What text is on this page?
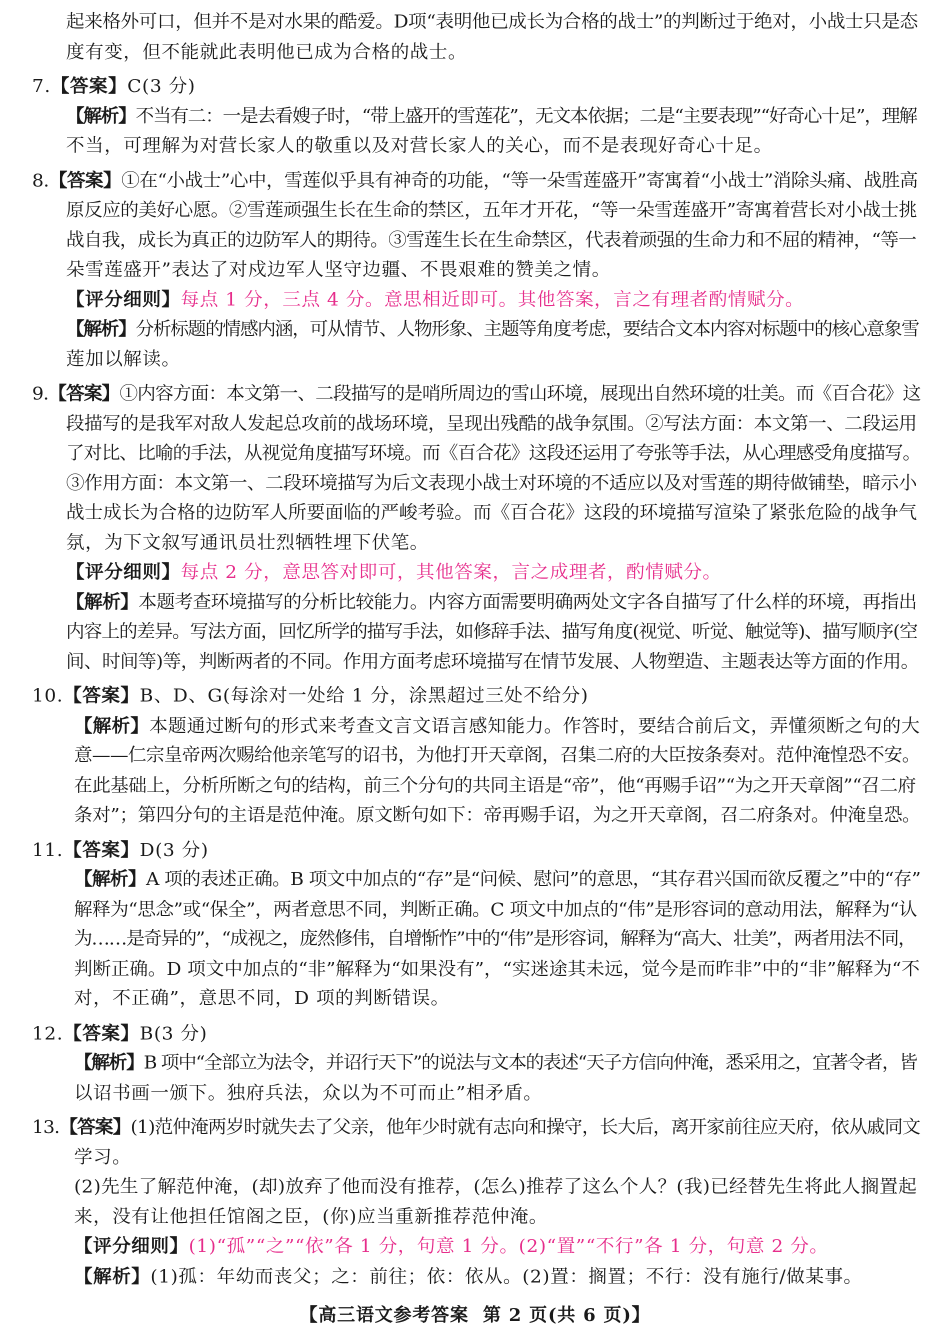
起来格外可口，但并不是对水果的酷爱。D项“表明他已成长为合格的战士”的判断过于绝对，小战士只是态

度有变，但不能就此表明他已成为合格的战士。

7.【答案】C(3 分)

【解析】不当有二：一是去看嫂子时，“带上盛开的雪莲花”，无文本依据；二是“主要表现”“好奇心十足”，理解

不当，可理解为对营长家人的敬重以及对营长家人的关心，而不是表现好奇心十足。

8.【答案】①在“小战士”心中，雪莲似乎具有神奇的功能，“等一朵雪莲盛开”寄寓着“小战士”消除头痛、战胜高

原反应的美好心愿。②雪莲顽强生长在生命的禁区，五年才开花，“等一朵雪莲盛开”寄寓着营长对小战士挑

战自我，成长为真正的边防军人的期待。③雪莲生长在生命禁区，代表着顽强的生命力和不屈的精神，“等一

朵雪莲盛开”表达了对戍边军人坚守边疆、不畏艰难的赞美之情。

【评分细则】每点 1 分，三点 4 分。意思相近即可。其他答案，言之有理者酌情赋分。

【解析】分析标题的情感内涵，可从情节、人物形象、主题等角度考虑，要结合文本内容对标题中的核心意象雪

莲加以解读。

9.【答案】①内容方面：本文第一、二段描写的是哨所周边的雪山环境，展现出自然环境的壮美。而《百合花》这

段描写的是我军对敌人发起总攻前的战场环境，呈现出残酷的战争氛围。②写法方面：本文第一、二段运用

了对比、比喻的手法，从视觉角度描写环境。而《百合花》这段还运用了夸张等手法，从心理感受角度描写。

③作用方面：本文第一、二段环境描写为后文表现小战士对环境的不适应以及对雪莲的期待做铺垫，暗示小

战士成长为合格的边防军人所要面临的严峻考验。而《百合花》这段的环境描写渲染了紧张危险的战争气

氛，为下文叙写通讯员壮烈牺牲埋下伏笔。

【评分细则】每点 2 分，意思答对即可，其他答案，言之成理者，酌情赋分。

【解析】本题考查环境描写的分析比较能力。内容方面需要明确两处文字各自描写了什么样的环境，再指出

内容上的差异。写法方面，回忆所学的描写手法，如修辞手法、描写角度(视觉、听觉、触觉等)、描写顺序(空

间、时间等)等，判断两者的不同。作用方面考虑环境描写在情节发展、人物塑造、主题表达等方面的作用。

10.【答案】B、D、G(每涂对一处给 1 分，涂黑超过三处不给分)

【解析】本题通过断句的形式来考查文言文语言感知能力。作答时，要结合前后文，弄懂须断之句的大

意——仁宗皇帝两次赐给他亲笔写的诏书，为他打开天章阁，召集二府的大臣按条奏对。范仲淹惶恐不安。

在此基础上，分析所断之句的结构，前三个分句的共同主语是“帝”，他“再赐手诏”“为之开天章阁”“召二府

条对”；第四分句的主语是范仲淹。原文断句如下：帝再赐手诏，为之开天章阁，召二府条对。仲淹皇恐。

11.【答案】D(3 分)

【解析】A 项的表述正确。B 项文中加点的“存”是“问候、慰问”的意思，“其存君兴国而欲反覆之”中的“存”

解释为“思念”或“保全”，两者意思不同，判断正确。C 项文中加点的“伟”是形容词的意动用法，解释为“认

为……是奇异的”，“成视之，庞然修伟，自增惭怍”中的“伟”是形容词，解释为“高大、壮美”，两者用法不同，

判断正确。D 项文中加点的“非”解释为“如果没有”，“实迷途其未远，觉今是而昨非”中的“非”解释为“不

对，不正确”，意思不同，D 项的判断错误。

12.【答案】B(3 分)

【解析】B 项中“全部立为法令，并诏行天下”的说法与文本的表述“天子方信向仲淹，悉采用之，宜著令者，皆

以诏书画一颁下。独府兵法，众以为不可而止”相矛盾。

13.【答案】(1)范仲淹两岁时就失去了父亲，他年少时就有志向和操守，长大后，离开家前往应天府，依从戚同文

学习。

(2)先生了解范仲淹，(却)放弃了他而没有推荐，(怎么)推荐了这么个人？(我)已经替先生将此人搁置起

来，没有让他担任馆阁之臣，(你)应当重新推荐范仲淹。

【评分细则】(1)“孤”“之”“依”各 1 分，句意 1 分。(2)“置”“不行”各 1 分，句意 2 分。

【解析】(1)孤：年幼而丧父；之：前往；依：依从。(2)置：搁置；不行：没有施行/做某事。

【高三语文参考答案 第 2 页(共 6 页)】
